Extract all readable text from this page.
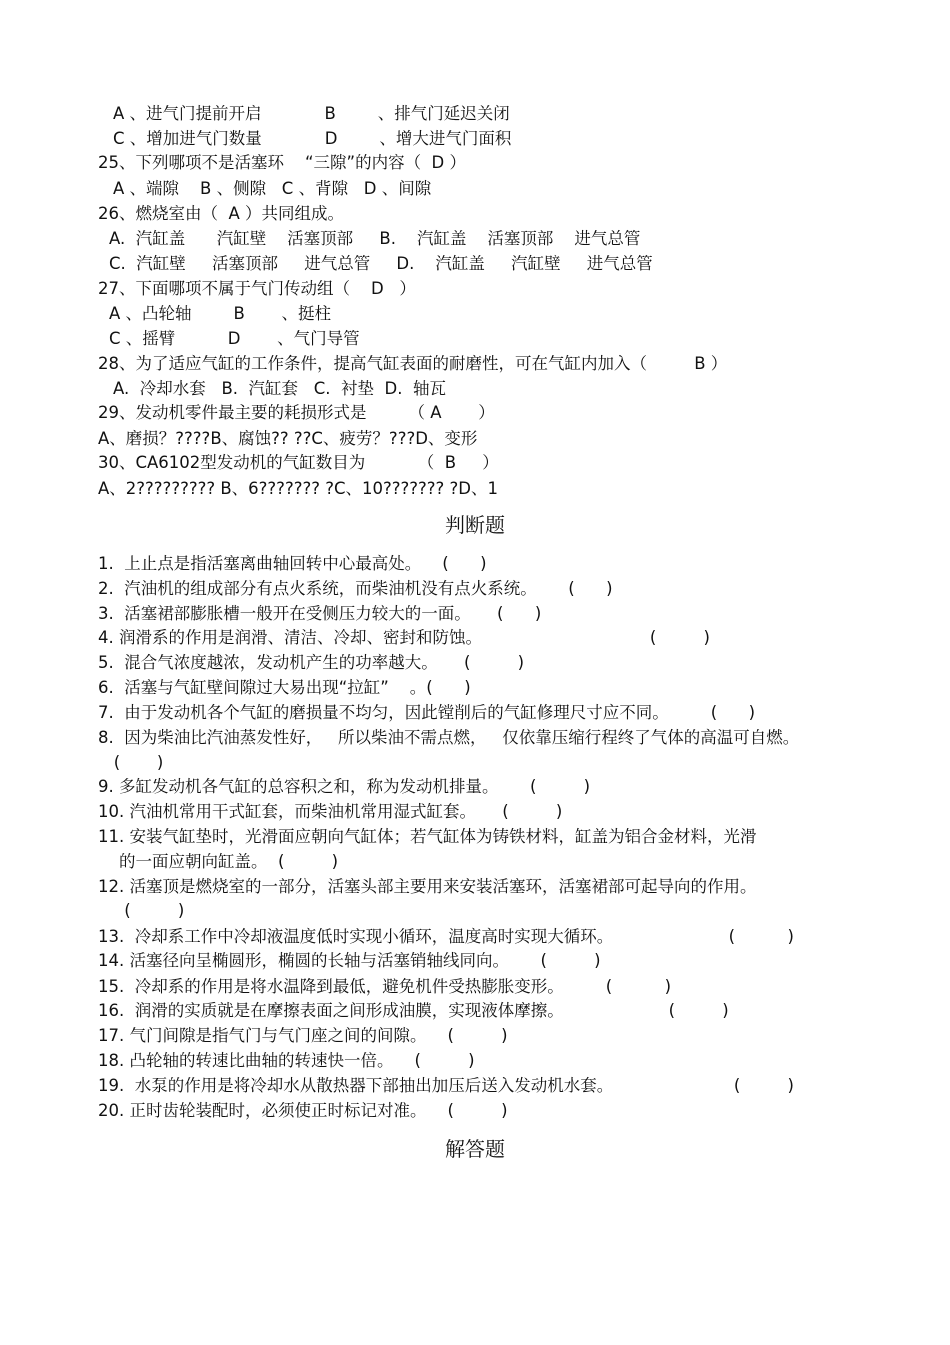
A 、进气门提前开启            B        、排气门延迟关闭
C 、增加进气门数量            D        、增大进气门面积
25、下列哪项不是活塞环    “三隙”的内容（  D ）
A 、端隙    B 、侧隙   C 、背隙   D 、间隙
26、燃烧室由（  A ）共同组成。
A.  汽缸盖      汽缸壁    活塞顶部     B.    汽缸盖    活塞顶部    进气总管
C.  汽缸壁     活塞顶部     进气总管     D.    汽缸盖     汽缸壁     进气总管
27、下面哪项不属于气门传动组（    D   ）
A 、凸轮轴        B       、挺柱
C 、摇臂          D       、气门导管
28、为了适应气缸的工作条件，提高气缸表面的耐磨性，可在气缸内加入（         B ）
A.  冷却水套   B.  汽缸套   C.  衬垫  D.  轴瓦
29、发动机零件最主要的耗损形式是        （ A       ）
A、磨损？????B、腐蚀?? ??C、疲劳？???D、变形
30、CA6102型发动机的气缸数目为          （  B     ）
A、2????????? B、6??????? ?C、10??????? ?D、1
判断题
1.  上止点是指活塞离曲轴回转中心最高处。    (      )
2.  汽油机的组成部分有点火系统，而柴油机没有点火系统。      (      )
3.  活塞裙部膨胀槽一般开在受侧压力较大的一面。     (      )
4. 润滑系的作用是润滑、清洁、冷却、密封和防蚀。                                (         )
5.  混合气浓度越浓，发动机产生的功率越大。     (         )
6.  活塞与气缸壁间隙过大易出现“拉缸”    。(      )
7.  由于发动机各个气缸的磨损量不均匀，因此镗削后的气缸修理尺寸应不同。        (      )
8.  因为柴油比汽油蒸发性好，   所以柴油不需点燃，   仅依靠压缩行程终了气体的高温可自燃。
(       )
9. 多缸发动机各气缸的总容积之和，称为发动机排量。      (         )
10. 汽油机常用干式缸套，而柴油机常用湿式缸套。     (         )
11. 安装气缸垫时，光滑面应朝向气缸体；若气缸体为铸铁材料，缸盖为铝合金材料，光滑
的一面应朝向缸盖。  (         )
12. 活塞顶是燃烧室的一部分，活塞头部主要用来安装活塞环，活塞裙部可起导向的作用。
(         )
13.  冷却系工作中冷却液温度低时实现小循环，温度高时实现大循环。                      (          )
14. 活塞径向呈椭圆形，椭圆的长轴与活塞销轴线同向。      (         )
15.  冷却系的作用是将水温降到最低，避免机件受热膨胀变形。        (          )
16.  润滑的实质就是在摩擦表面之间形成油膜，实现液体摩擦。                    (         )
17. 气门间隙是指气门与气门座之间的间隙。    (         )
18. 凸轮轴的转速比曲轴的转速快一倍。    (         )
19.  水泵的作用是将冷却水从散热器下部抽出加压后送入发动机水套。                       (         )
20. 正时齿轮装配时，必须使正时标记对准。    (         )
解答题
